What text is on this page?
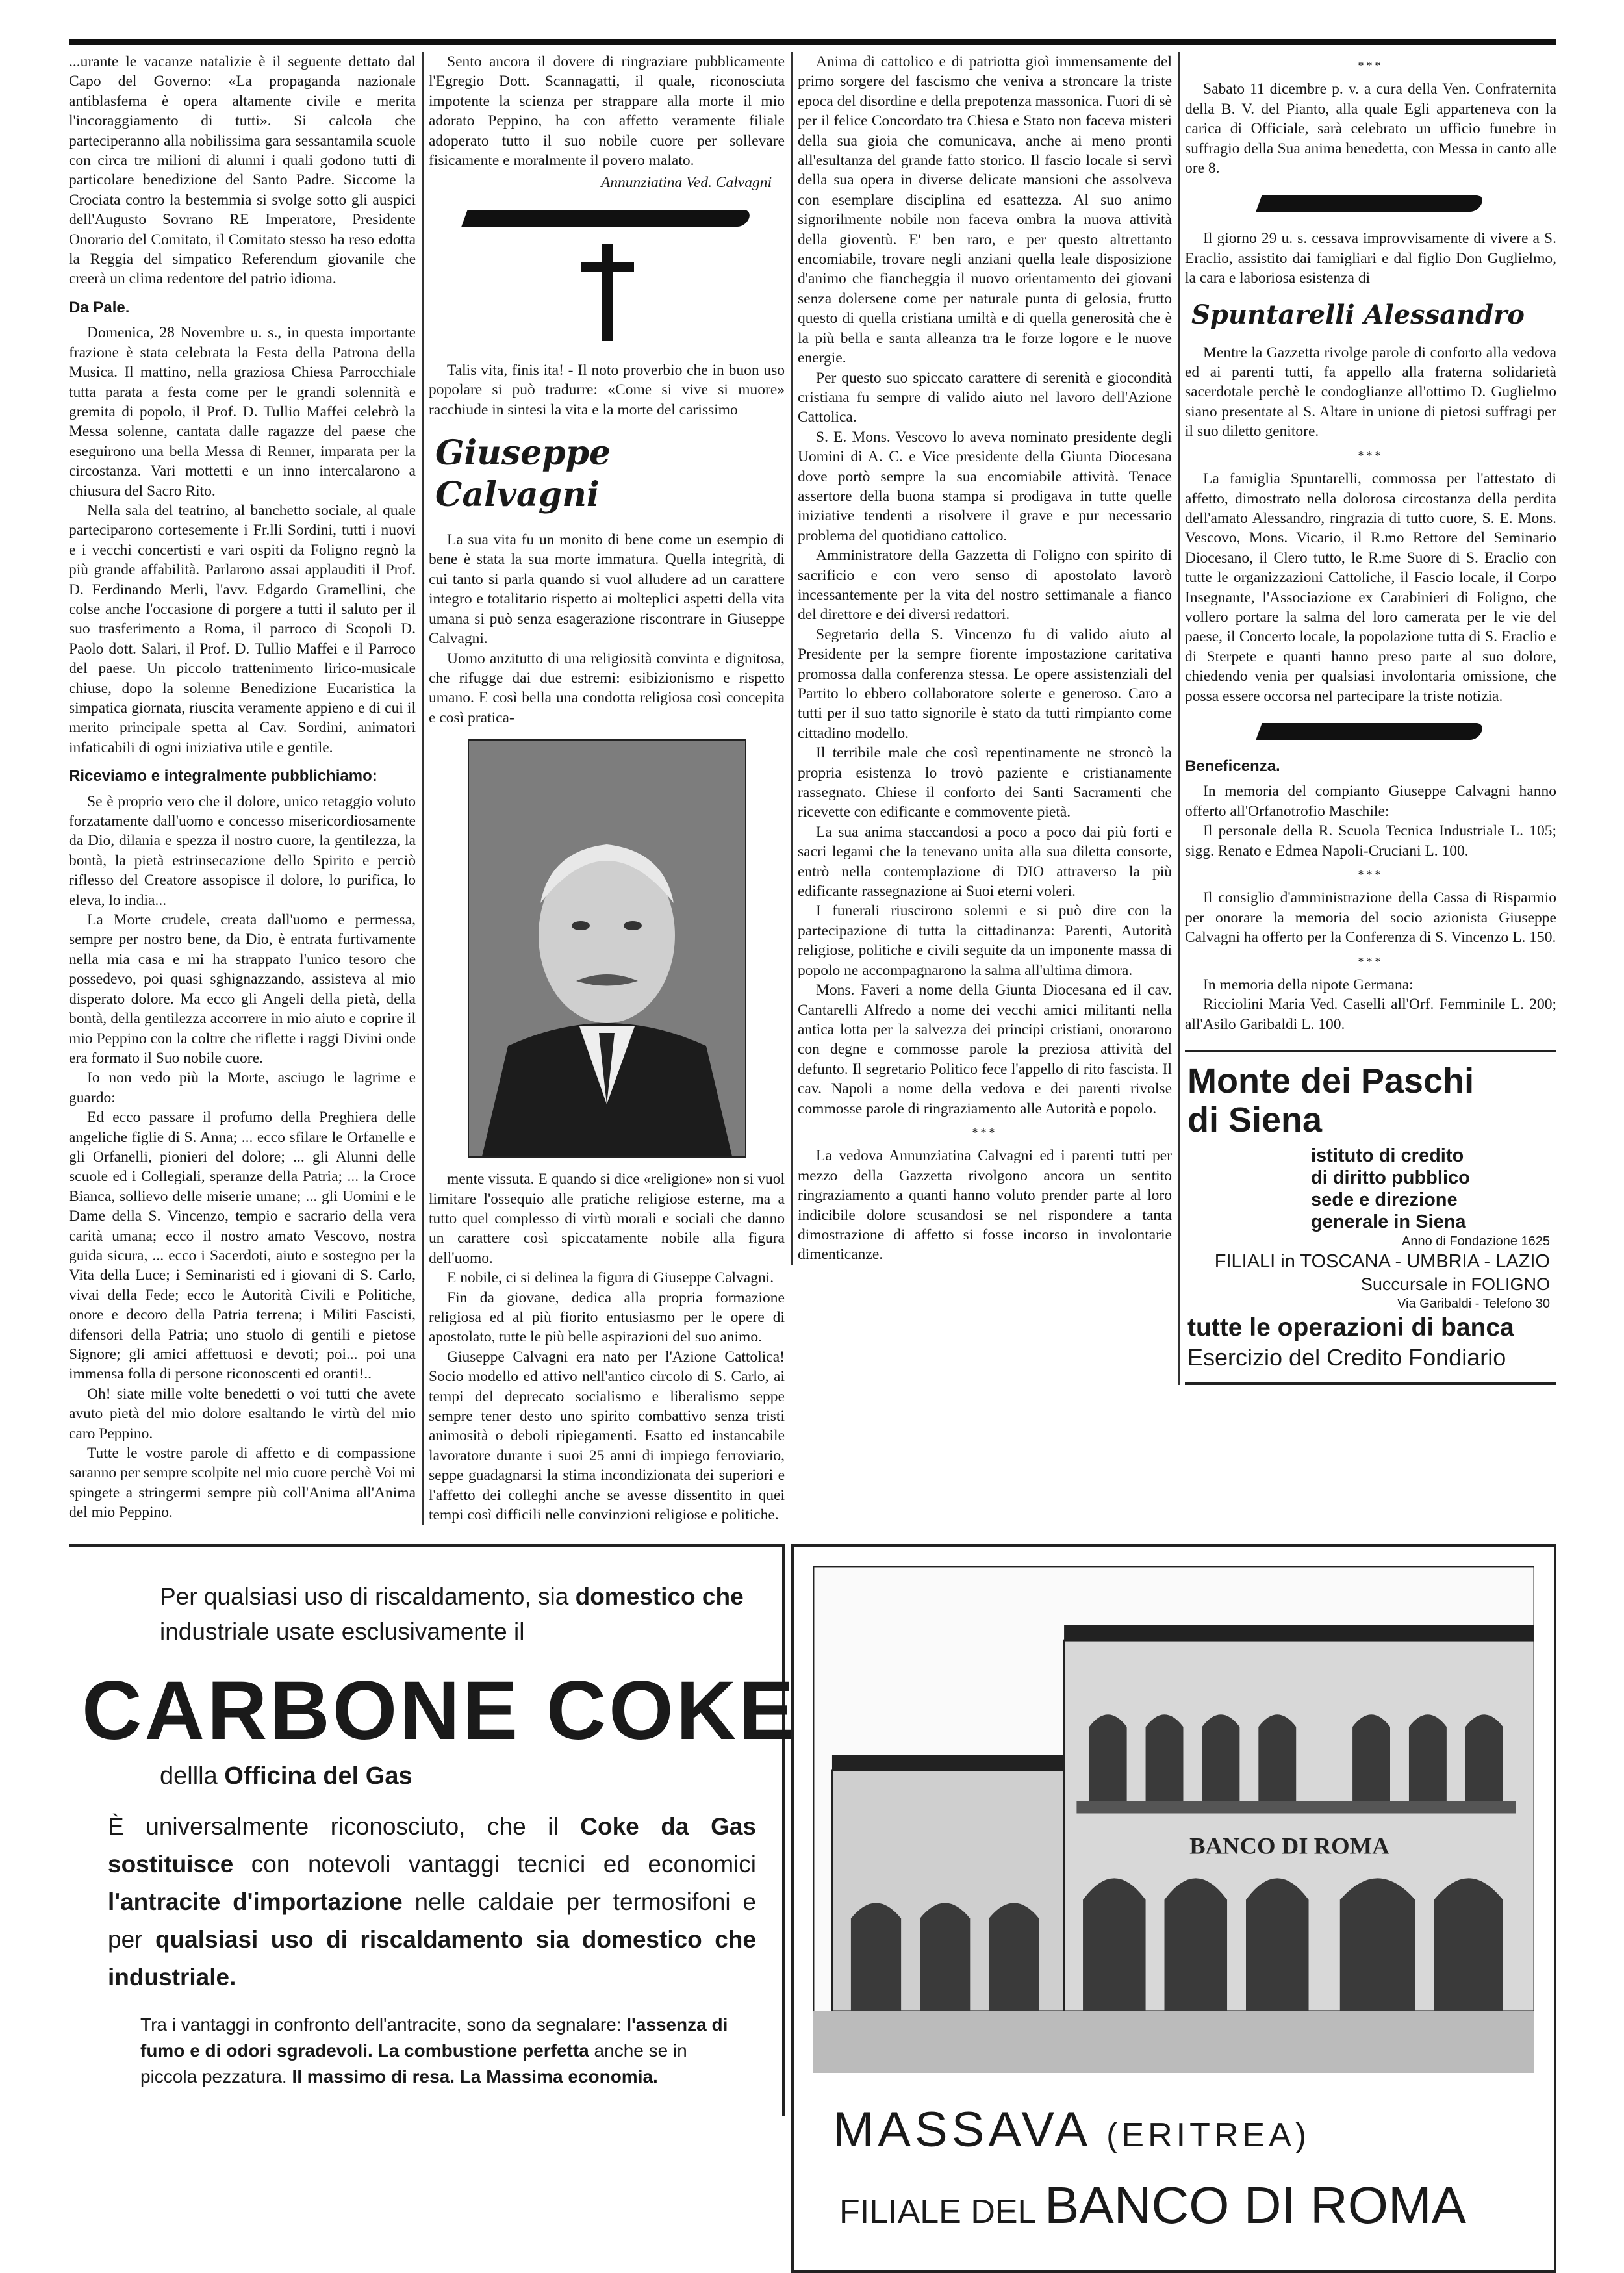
...urante le vacanze natalizie è il seguente dettato dal Capo del Governo: «La propaganda nazionale antiblasfema è opera altamente civile e merita l'incoraggiamento di tutti». Si calcola che parteciperanno alla nobilissima gara sessantamila scuole con circa tre milioni di alunni i quali godono tutti di particolare benedizione del Santo Padre. Siccome la Crociata contro la bestemmia si svolge sotto gli auspici dell'Augusto Sovrano RE Imperatore, Presidente Onorario del Comitato, il Comitato stesso ha reso edotta la Reggia del simpatico Referendum giovanile che creerà un clima redentore del patrio idioma.

Da Pale.

Domenica, 28 Novembre u. s., in questa importante frazione è stata celebrata la Festa della Patrona della Musica. Il mattino, nella graziosa Chiesa Parrocchiale tutta parata a festa come per le grandi solennità e gremita di popolo, il Prof. D. Tullio Maffei celebrò la Messa solenne, cantata dalle ragazze del paese che eseguirono una bella Messa di Renner, imparata per la circostanza. Vari mottetti e un inno intercalarono a chiusura del Sacro Rito.

Nella sala del teatrino, al banchetto sociale, al quale parteciparono cortesemente i Fr.lli Sordini, tutti i nuovi e i vecchi concertisti e vari ospiti da Foligno regnò la più grande affabilità. Parlarono assai applauditi il Prof. D. Ferdinando Merli, l'avv. Edgardo Gramellini, che colse anche l'occasione di porgere a tutti il saluto per il suo trasferimento a Roma, il parroco di Scopoli D. Paolo dott. Salari, il Prof. D. Tullio Maffei e il Parroco del paese. Un piccolo trattenimento lirico-musicale chiuse, dopo la solenne Benedizione Eucaristica la simpatica giornata, riuscita veramente appieno e di cui il merito principale spetta al Cav. Sordini, animatori infaticabili di ogni iniziativa utile e gentile.

Riceviamo e integralmente pubblichiamo:

Se è proprio vero che il dolore, unico retaggio voluto forzatamente dall'uomo e concesso misericordiosamente da Dio, dilania e spezza il nostro cuore, la gentilezza, la bontà, la pietà estrinsecazione dello Spirito e perciò riflesso del Creatore assopisce il dolore, lo purifica, lo eleva, lo india...

La Morte crudele, creata dall'uomo e permessa, sempre per nostro bene, da Dio, è entrata furtivamente nella mia casa e mi ha strappato l'unico tesoro che possedevo, poi quasi sghignazzando, assisteva al mio disperato dolore. Ma ecco gli Angeli della pietà, della bontà, della gentilezza accorrere in mio aiuto e coprire il mio Peppino con la coltre che riflette i raggi Divini onde era formato il Suo nobile cuore.

Io non vedo più la Morte, asciugo le lagrime e guardo:

Ed ecco passare il profumo della Preghiera delle angeliche figlie di S. Anna; ... ecco sfilare le Orfanelle e gli Orfanelli, pionieri del dolore; ... gli Alunni delle scuole ed i Collegiali, speranze della Patria; ... la Croce Bianca, sollievo delle miserie umane; ... gli Uomini e le Dame della S. Vincenzo, tempio e sacrario della vera carità umana; ecco il nostro amato Vescovo, nostra guida sicura, ... ecco i Sacerdoti, aiuto e sostegno per la Vita della Luce; i Seminaristi ed i giovani di S. Carlo, vivai della Fede; ecco le Autorità Civili e Politiche, onore e decoro della Patria terrena; i Militi Fascisti, difensori della Patria; uno stuolo di gentili e pietose Signore; gli amici affettuosi e devoti; poi... poi una immensa folla di persone riconoscenti ed oranti!..

Oh! siate mille volte benedetti o voi tutti che avete avuto pietà del mio dolore esaltando le virtù del mio caro Peppino.

Tutte le vostre parole di affetto e di compassione saranno per sempre scolpite nel mio cuore perchè Voi mi spingete a stringermi sempre più coll'Anima all'Anima del mio Peppino.

Sento ancora il dovere di ringraziare pubblicamente l'Egregio Dott. Scannagatti, il quale, riconosciuta impotente la scienza per strappare alla morte il mio adorato Peppino, ha con affetto veramente filiale adoperato tutto il suo nobile cuore per sollevare fisicamente e moralmente il povero malato.

Annunziatina Ved. Calvagni

Talis vita, finis ita! - Il noto proverbio che in buon uso popolare si può tradurre: «Come si vive si muore» racchiude in sintesi la vita e la morte del carissimo

Giuseppe Calvagni

La sua vita fu un monito di bene come un esempio di bene è stata la sua morte immatura. Quella integrità, di cui tanto si parla quando si vuol alludere ad un carattere integro e totalitario rispetto ai molteplici aspetti della vita umana si può senza esagerazione riscontrare in Giuseppe Calvagni.

Uomo anzitutto di una religiosità convinta e dignitosa, che rifugge dai due estremi: esibizionismo e rispetto umano. E così bella una condotta religiosa così concepita e così pratica-

mente vissuta. E quando si dice «religione» non si vuol limitare l'ossequio alle pratiche religiose esterne, ma a tutto quel complesso di virtù morali e sociali che danno un carattere così spiccatamente nobile alla figura dell'uomo.

E nobile, ci si delinea la figura di Giuseppe Calvagni.

Fin da giovane, dedica alla propria formazione religiosa ed al più fiorito entusiasmo per le opere di apostolato, tutte le più belle aspirazioni del suo animo.

Giuseppe Calvagni era nato per l'Azione Cattolica! Socio modello ed attivo nell'antico circolo di S. Carlo, ai tempi del deprecato socialismo e liberalismo seppe sempre tener desto uno spirito combattivo senza tristi animosità o deboli ripiegamenti. Esatto ed instancabile lavoratore durante i suoi 25 anni di impiego ferroviario, seppe guadagnarsi la stima incondizionata dei superiori e l'affetto dei colleghi anche se avesse dissentito in quei tempi così difficili nelle convinzioni religiose e politiche.

Anima di cattolico e di patriotta gioì immensamente del primo sorgere del fascismo che veniva a stroncare la triste epoca del disordine e della prepotenza massonica. Fuori di sè per il felice Concordato tra Chiesa e Stato non faceva misteri della sua gioia che comunicava, anche ai meno pronti all'esultanza del grande fatto storico. Il fascio locale si servì della sua opera in diverse delicate mansioni che assolveva con esemplare disciplina ed esattezza. Al suo animo signorilmente nobile non faceva ombra la nuova attività della gioventù. E' ben raro, e per questo altrettanto encomiabile, trovare negli anziani quella leale disposizione d'animo che fiancheggia il nuovo orientamento dei giovani senza dolersene come per naturale punta di gelosia, frutto questo di quella cristiana umiltà e di quella generosità che è la più bella e santa alleanza tra le forze logore e le nuove energie.

Per questo suo spiccato carattere di serenità e giocondità cristiana fu sempre di valido aiuto nel lavoro dell'Azione Cattolica.

S. E. Mons. Vescovo lo aveva nominato presidente degli Uomini di A. C. e Vice presidente della Giunta Diocesana dove portò sempre la sua encomiabile attività. Tenace assertore della buona stampa si prodigava in tutte quelle iniziative tendenti a risolvere il grave e pur necessario problema del quotidiano cattolico.

Amministratore della Gazzetta di Foligno con spirito di sacrificio e con vero senso di apostolato lavorò incessantemente per la vita del nostro settimanale a fianco del direttore e dei diversi redattori.

Segretario della S. Vincenzo fu di valido aiuto al Presidente per la sempre fiorente impostazione caritativa promossa dalla conferenza stessa. Le opere assistenziali del Partito lo ebbero collaboratore solerte e generoso. Caro a tutti per il suo tatto signorile è stato da tutti rimpianto come cittadino modello.

Il terribile male che così repentinamente ne stroncò la propria esistenza lo trovò paziente e cristianamente rassegnato. Chiese il conforto dei Santi Sacramenti che ricevette con edificante e commovente pietà.

La sua anima staccandosi a poco a poco dai più forti e sacri legami che la tenevano unita alla sua diletta consorte, entrò nella contemplazione di DIO attraverso la più edificante rassegnazione ai Suoi eterni voleri.

I funerali riuscirono solenni e si può dire con la partecipazione di tutta la cittadinanza: Parenti, Autorità religiose, politiche e civili seguite da un imponente massa di popolo ne accompagnarono la salma all'ultima dimora.

Mons. Faveri a nome della Giunta Diocesana ed il cav. Cantarelli Alfredo a nome dei vecchi amici militanti nella antica lotta per la salvezza dei principi cristiani, onorarono con degne e commosse parole la preziosa attività del defunto. Il segretario Politico fece l'appello di rito fascista. Il cav. Napoli a nome della vedova e dei parenti rivolse commosse parole di ringraziamento alle Autorità e popolo.

***

La vedova Annunziatina Calvagni ed i parenti tutti per mezzo della Gazzetta rivolgono ancora un sentito ringraziamento a quanti hanno voluto prender parte al loro indicibile dolore scusandosi se nel rispondere a tanta dimostrazione di affetto si fosse incorso in involontarie dimenticanze.

***

Sabato 11 dicembre p. v. a cura della Ven. Confraternita della B. V. del Pianto, alla quale Egli apparteneva con la carica di Officiale, sarà celebrato un ufficio funebre in suffragio della Sua anima benedetta, con Messa in canto alle ore 8.

Il giorno 29 u. s. cessava improvvisamente di vivere a S. Eraclio, assistito dai famigliari e dal figlio Don Guglielmo, la cara e laboriosa esistenza di

Spuntarelli Alessandro

Mentre la Gazzetta rivolge parole di conforto alla vedova ed ai parenti tutti, fa appello alla fraterna solidarietà sacerdotale perchè le condoglianze all'ottimo D. Guglielmo siano presentate al S. Altare in unione di pietosi suffragi per il suo diletto genitore.

***

La famiglia Spuntarelli, commossa per l'attestato di affetto, dimostrato nella dolorosa circostanza della perdita dell'amato Alessandro, ringrazia di tutto cuore, S. E. Mons. Vescovo, Mons. Vicario, il R.mo Rettore del Seminario Diocesano, il Clero tutto, le R.me Suore di S. Eraclio con tutte le organizzazioni Cattoliche, il Fascio locale, il Corpo Insegnante, l'Associazione ex Carabinieri di Foligno, che vollero portare la salma del loro camerata per le vie del paese, il Concerto locale, la popolazione tutta di S. Eraclio e di Sterpete e quanti hanno preso parte al suo dolore, chiedendo venia per qualsiasi involontaria omissione, che possa essere occorsa nel partecipare la triste notizia.

Beneficenza.

In memoria del compianto Giuseppe Calvagni hanno offerto all'Orfanotrofio Maschile:

Il personale della R. Scuola Tecnica Industriale L. 105; sigg. Renato e Edmea Napoli-Cruciani L. 100.

***

Il consiglio d'amministrazione della Cassa di Risparmio per onorare la memoria del socio azionista Giuseppe Calvagni ha offerto per la Conferenza di S. Vincenzo L. 150.

***

In memoria della nipote Germana:

Ricciolini Maria Ved. Caselli all'Orf. Femminile L. 200; all'Asilo Garibaldi L. 100.

Monte dei Paschi
di Siena
istituto di credito
di diritto pubblico
sede e direzione
generale in Siena
Anno di Fondazione 1625
FILIALI in TOSCANA - UMBRIA - LAZIO
Succursale in FOLIGNO
Via Garibaldi - Telefono 30
tutte le operazioni di banca
Esercizio del Credito Fondiario
Per qualsiasi uso di riscaldamento, sia domestico che
industriale usate esclusivamente il
CARBONE COKE
dellla Officina del Gas
È universalmente riconosciuto, che il Coke da Gas sostituisce con notevoli vantaggi tecnici ed economici l'antracite d'importazione nelle caldaie per termosifoni e per qualsiasi uso di riscaldamento sia domestico che industriale.
Tra i vantaggi in confronto dell'antracite, sono da segnalare: l'assenza di fumo e di odori sgradevoli. La combustione perfetta anche se in piccola pezzatura. Il massimo di resa. La Massima economia.
BANCO DI ROMA
MASSAVA (ERITREA)
FILIALE DEL BANCO DI ROMA
